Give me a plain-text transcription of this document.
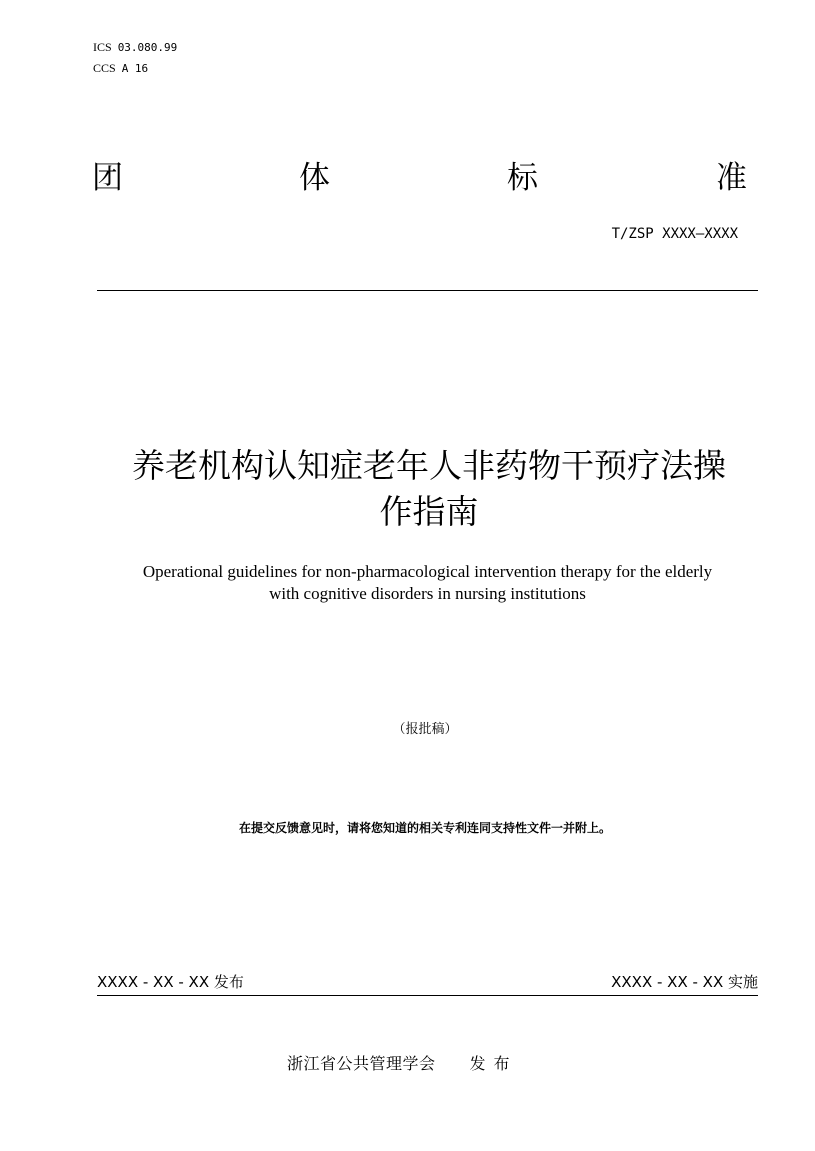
ICS 03.080.99
CCS A 16
团	体	标	准
T/ZSP XXXX—XXXX
养老机构认知症老年人非药物干预疗法操
作指南
Operational guidelines for non-pharmacological intervention therapy for the elderly
with cognitive disorders in nursing institutions
（报批稿）
在提交反馈意见时，请将您知道的相关专利连同支持性文件一并附上。
XXXX - XX - XX 发布	XXXX - XX - XX 实施
浙江省公共管理学会 发布
